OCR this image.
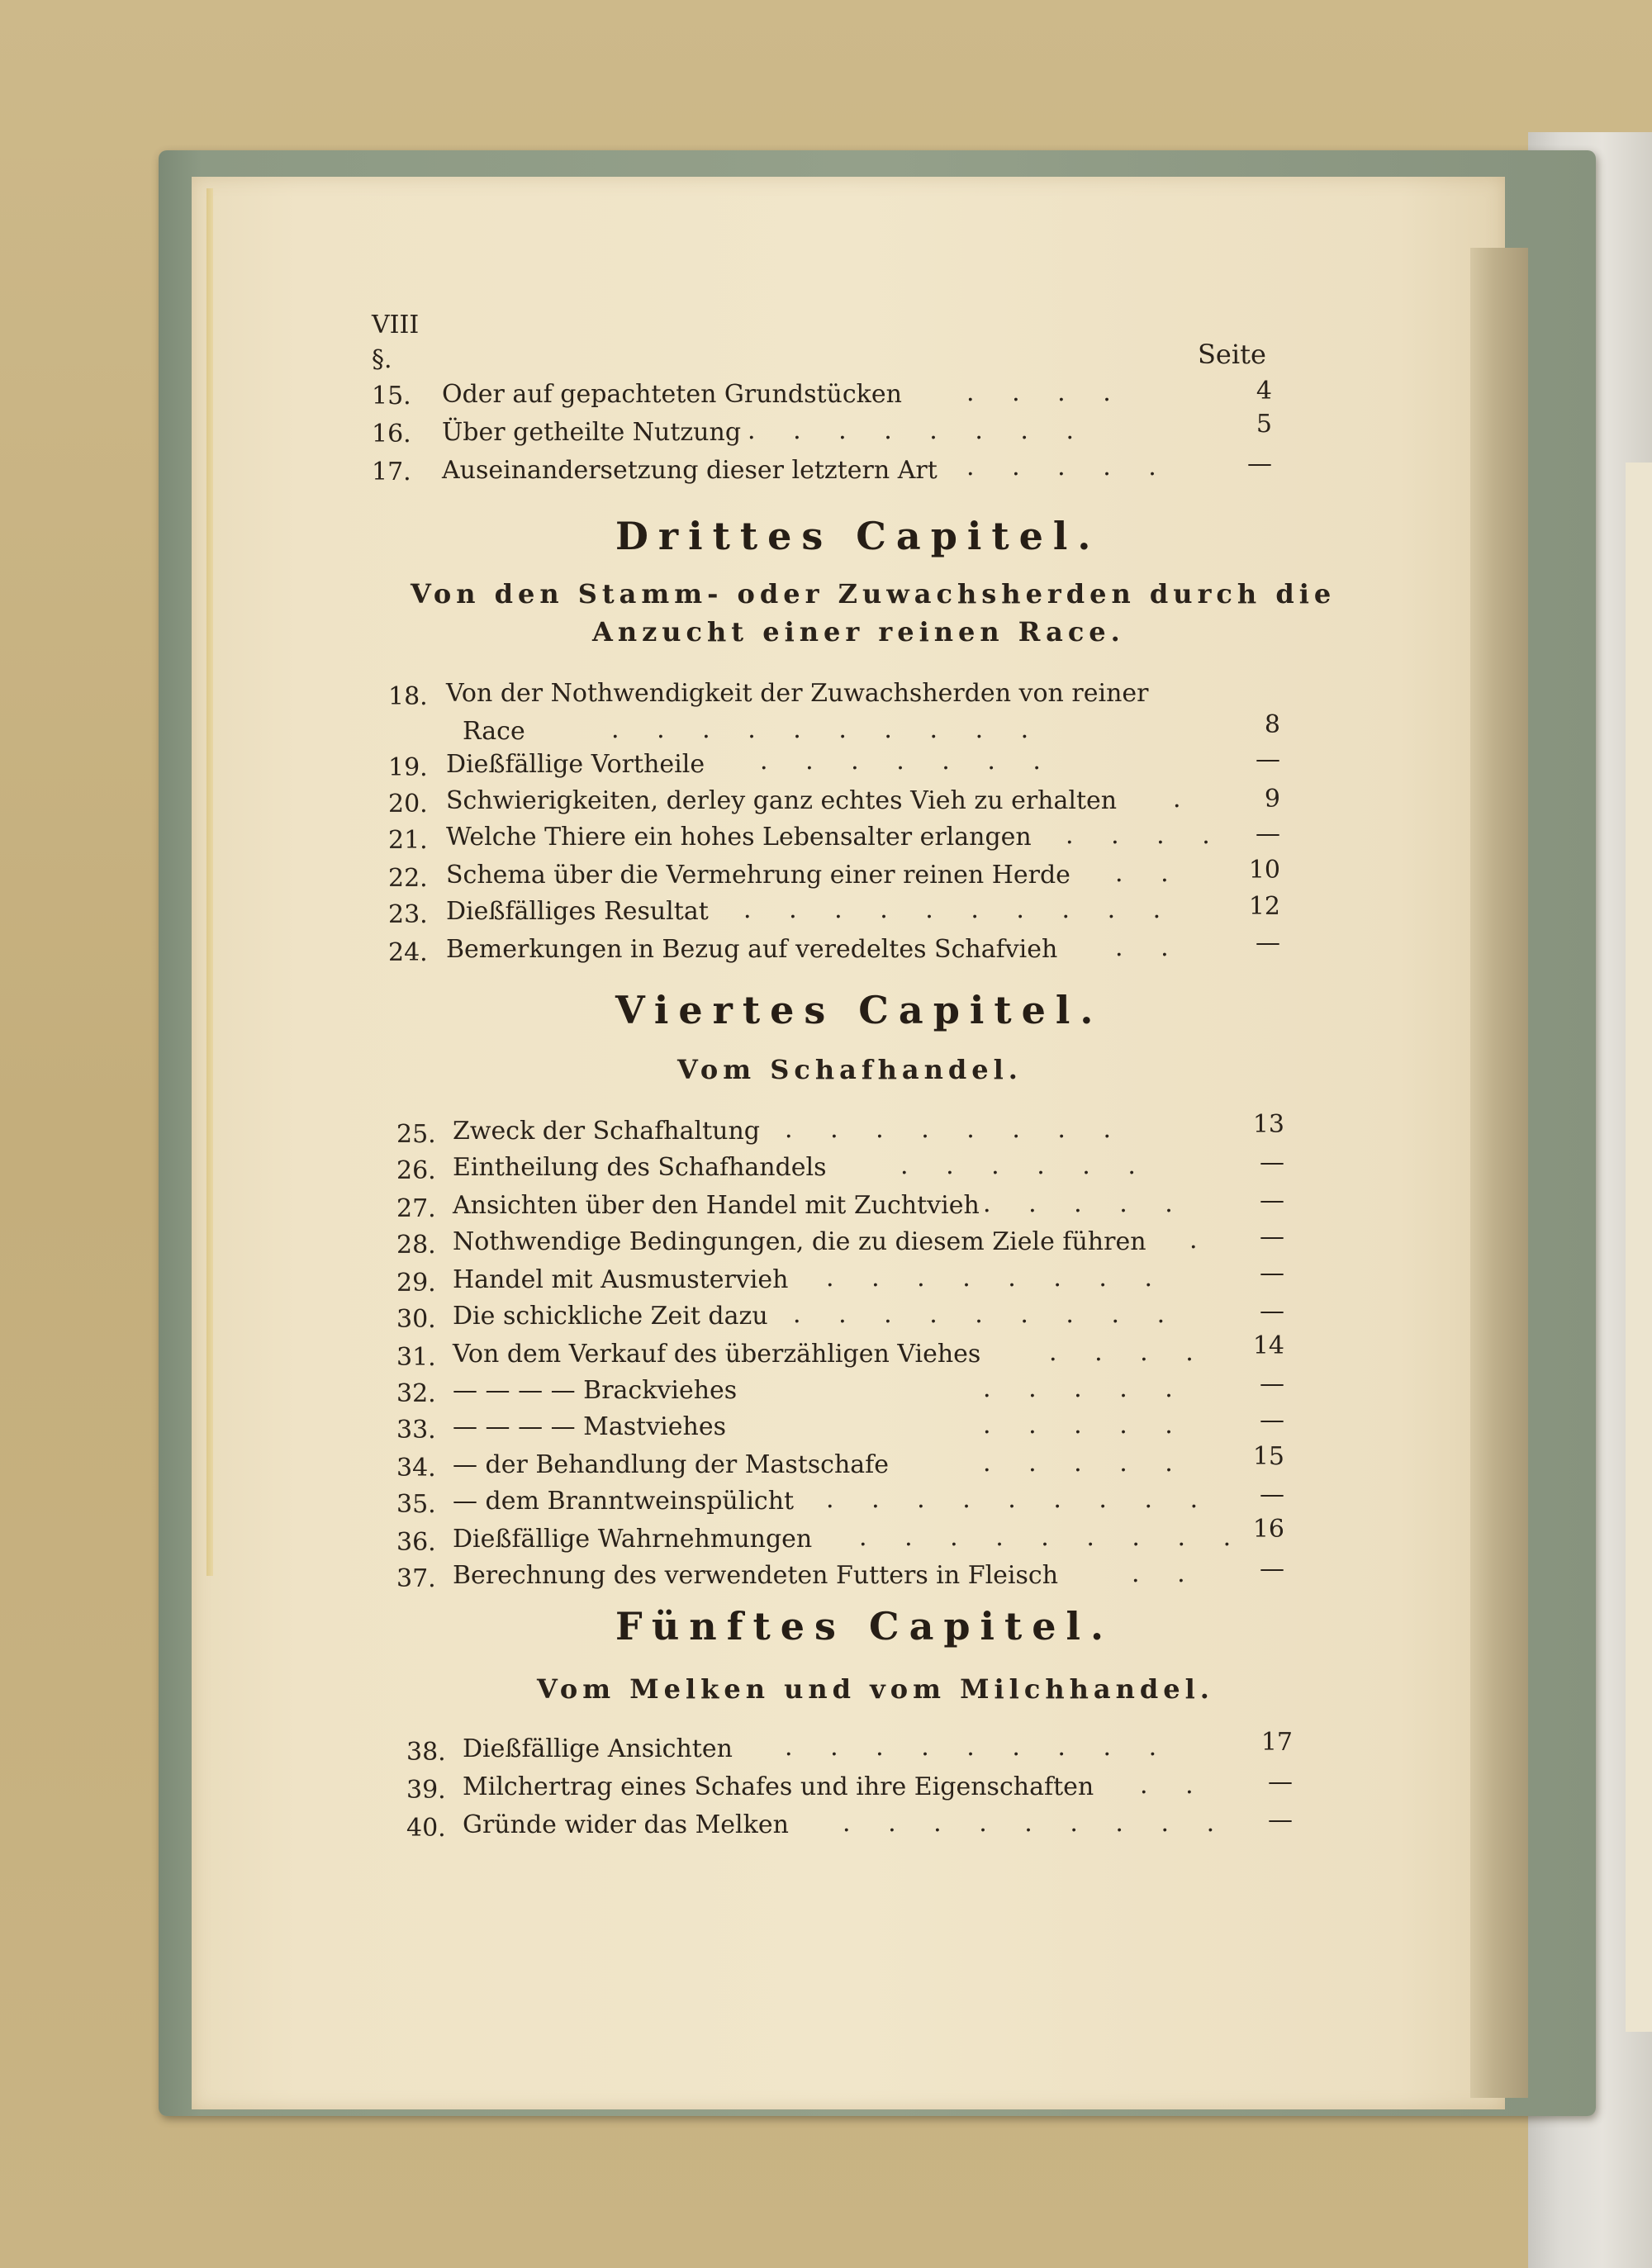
VIII
§.	Seite
15. Oder auf gepachteten Grundstücken	. . . .	4
16. Über getheilte Nutzung . . . . . . . .	5
17. Auseinandersetzung dieser letztern Art . . . . .	—
Drittes Capitel.
Von den Stamm- oder Zuwachsherden durch die
Anzucht einer reinen Race.
18. Von der Nothwendigkeit der Zuwachsherden von reiner
Race	. . . . . . . . . .	8
19. Dießfällige Vortheile . . . . . . .	—
20. Schwierigkeiten, derley ganz echtes Vieh zu erhalten .	9
21. Welche Thiere ein hohes Lebensalter erlangen . . . .	—
22. Schema über die Vermehrung einer reinen Herde . .	10
23. Dießfälliges Resultat . . . . . . . . . .	12
24. Bemerkungen in Bezug auf veredeltes Schafvieh . .	—
Viertes Capitel.
Vom Schafhandel.
25. Zweck der Schafhaltung . . . . . . . .	13
26. Eintheilung des Schafhandels	. . . . . .	—
27. Ansichten über den Handel mit Zuchtvieh . . . . .	—
28. Nothwendige Bedingungen, die zu diesem Ziele führen .	—
29. Handel mit Ausmustervieh . . . . . . . .	—
30. Die schickliche Zeit dazu . . . . . . . . .	—
31. Von dem Verkauf des überzähligen Viehes	. . . .	14
32. — — — — Brackviehes	. . . . .	—
33. — — — — Mastviehes	. . . . .	—
34. — der Behandlung der Mastschafe	. . . . .	15
35. — dem Branntweinspülicht . . . . . . . . .	—
36. Dießfällige Wahrnehmungen . . . . . . . . . 16
37. Berechnung des verwendeten Futters in Fleisch	. .	—
Fünftes Capitel.
Vom Melken und vom Milchhandel.
38. Dießfällige Ansichten . . . . . . . . .	17
39. Milchertrag eines Schafes und ihre Eigenschaften . .	—
40. Gründe wider das Melken . . . . . . . . .	—
